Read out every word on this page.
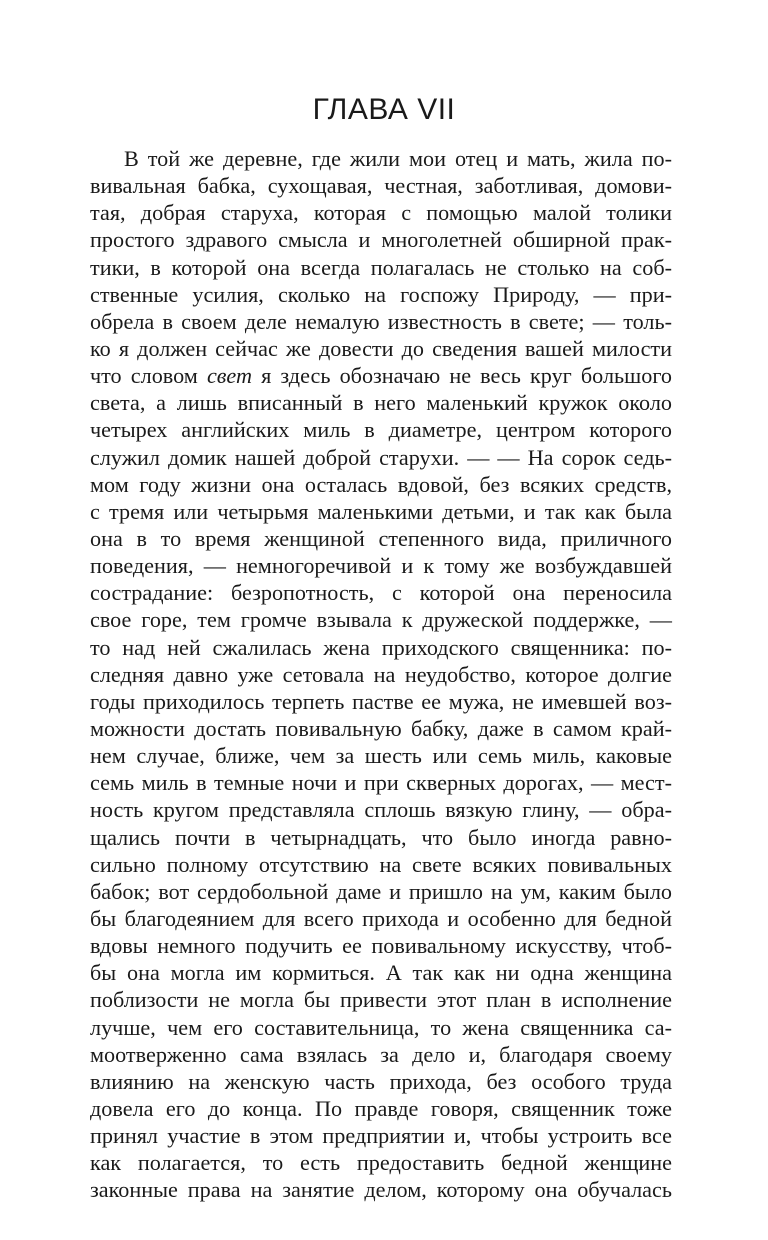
ГЛАВА VII
В той же деревне, где жили мои отец и мать, жила по-
вивальная бабка, сухощавая, честная, заботливая, домови-
тая, добрая старуха, которая с помощью малой толики
простого здравого смысла и многолетней обширной прак-
тики, в которой она всегда полагалась не столько на соб-
ственные усилия, сколько на госпожу Природу, — при-
обрела в своем деле немалую известность в свете; — толь-
ко я должен сейчас же довести до сведения вашей милости
что словом свет я здесь обозначаю не весь круг большого
света, а лишь вписанный в него маленький кружок около
четырех английских миль в диаметре, центром которого
служил домик нашей доброй старухи. — — На сорок седь-
мом году жизни она осталась вдовой, без всяких средств,
с тремя или четырьмя маленькими детьми, и так как была
она в то время женщиной степенного вида, приличного
поведения, — немногоречивой и к тому же возбуждавшей
сострадание: безропотность, с которой она переносила
свое горе, тем громче взывала к дружеской поддержке, —
то над ней сжалилась жена приходского священника: по-
следняя давно уже сетовала на неудобство, которое долгие
годы приходилось терпеть пастве ее мужа, не имевшей воз-
можности достать повивальную бабку, даже в самом край-
нем случае, ближе, чем за шесть или семь миль, каковые
семь миль в темные ночи и при скверных дорогах, — мест-
ность кругом представляла сплошь вязкую глину, — обра-
щались почти в четырнадцать, что было иногда равно-
сильно полному отсутствию на свете всяких повивальных
бабок; вот сердобольной даме и пришло на ум, каким было
бы благодеянием для всего прихода и особенно для бедной
вдовы немного подучить ее повивальному искусству, чтоб-
бы она могла им кормиться. А так как ни одна женщина
поблизости не могла бы привести этот план в исполнение
лучше, чем его составительница, то жена священника са-
моотверженно сама взялась за дело и, благодаря своему
влиянию на женскую часть прихода, без особого труда
довела его до конца. По правде говоря, священник тоже
принял участие в этом предприятии и, чтобы устроить все
как полагается, то есть предоставить бедной женщине
законные права на занятие делом, которому она обучалась
